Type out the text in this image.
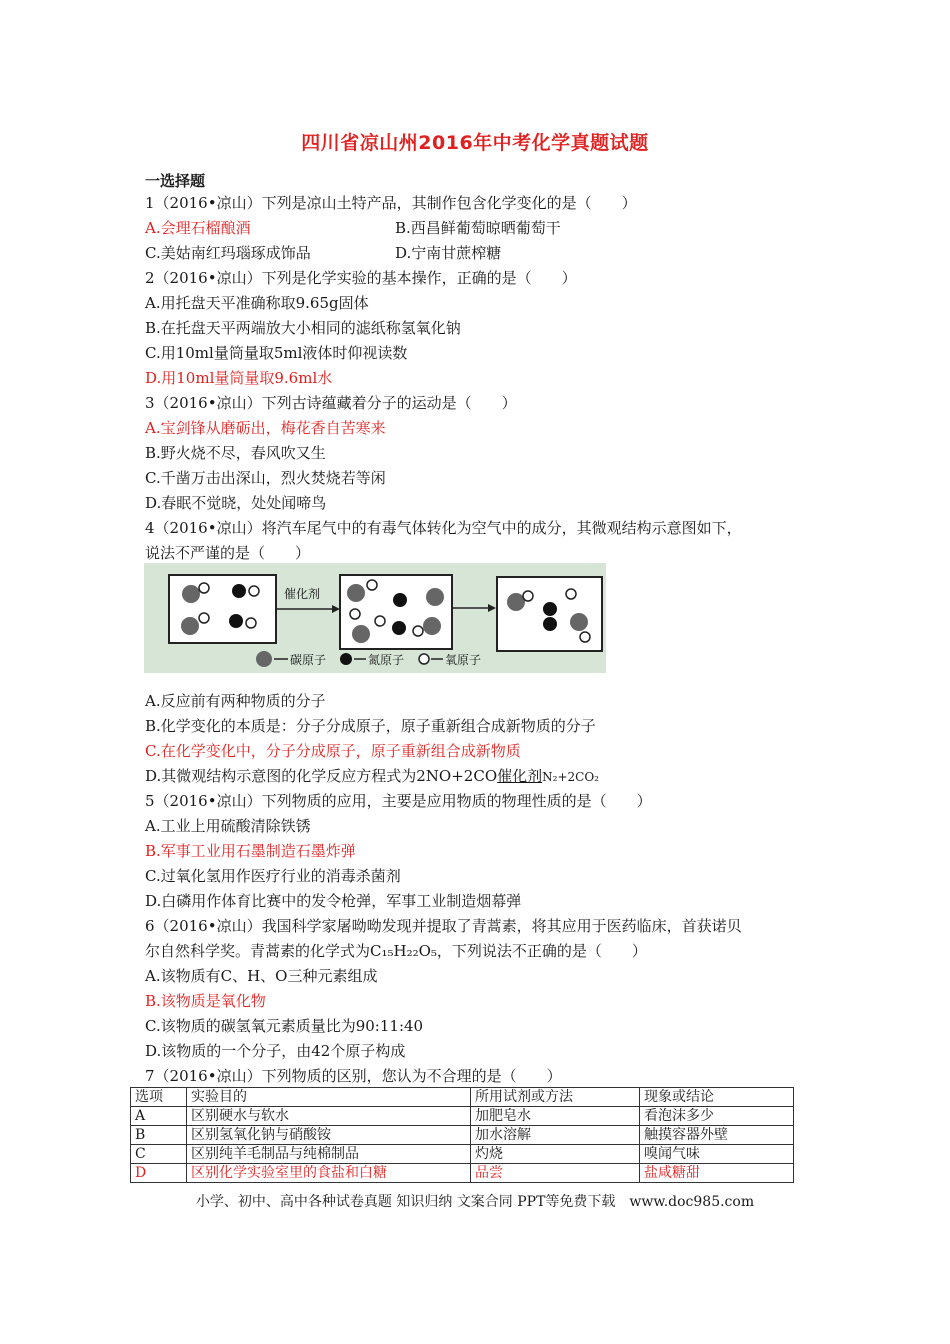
四川省凉山州2016年中考化学真题试题
一选择题
1（2016•凉山）下列是凉山土特产品，其制作包含化学变化的是（　　）
A.会理石榴酿酒	B.西昌鲜葡萄晾晒葡萄干
C.美姑南红玛瑙琢成饰品	D.宁南甘蔗榨糖
2（2016•凉山）下列是化学实验的基本操作，正确的是（　　）
A.用托盘天平准确称取9.65g固体
B.在托盘天平两端放大小相同的滤纸称氢氧化钠
C.用10ml量筒量取5ml液体时仰视读数
D.用10ml量筒量取9.6ml水
3（2016•凉山）下列古诗蕴藏着分子的运动是（　　）
A.宝剑锋从磨砺出，梅花香自苦寒来
B.野火烧不尽，春风吹又生
C.千凿万击出深山，烈火焚烧若等闲
D.春眠不觉晓，处处闻啼鸟
4（2016•凉山）将汽车尾气中的有毒气体转化为空气中的成分，其微观结构示意图如下，
说法不严谨的是（　　）
催化剂
碳原子	氮原子	氧原子
A.反应前有两种物质的分子
B.化学变化的本质是：分子分成原子，原子重新组合成新物质的分子
C.在化学变化中，分子分成原子，原子重新组合成新物质
D.其微观结构示意图的化学反应方程式为2NO+2CO催化剂N₂+2CO₂
5（2016•凉山）下列物质的应用，主要是应用物质的物理性质的是（　　）
A.工业上用硫酸清除铁锈
B.军事工业用石墨制造石墨炸弹
C.过氧化氢用作医疗行业的消毒杀菌剂
D.白磷用作体育比赛中的发令枪弹，军事工业制造烟幕弹
6（2016•凉山）我国科学家屠呦呦发现并提取了青蒿素，将其应用于医药临床，首获诺贝
尔自然科学奖。青蒿素的化学式为C₁₅H₂₂O₅，下列说法不正确的是（　　）
A.该物质有C、H、O三种元素组成
B.该物质是氧化物
C.该物质的碳氢氧元素质量比为90:11:40
D.该物质的一个分子，由42个原子构成
7（2016•凉山）下列物质的区别，您认为不合理的是（　　）
选项	实验目的	所用试剂或方法	现象或结论
A	区别硬水与软水	加肥皂水	看泡沫多少
B	区别氢氧化钠与硝酸铵	加水溶解	触摸容器外壁
C	区别纯羊毛制品与纯棉制品	灼烧	嗅闻气味
D	区别化学实验室里的食盐和白糖	品尝	盐咸糖甜
小学、初中、高中各种试卷真题 知识归纳 文案合同 PPT等免费下载　www.doc985.com
